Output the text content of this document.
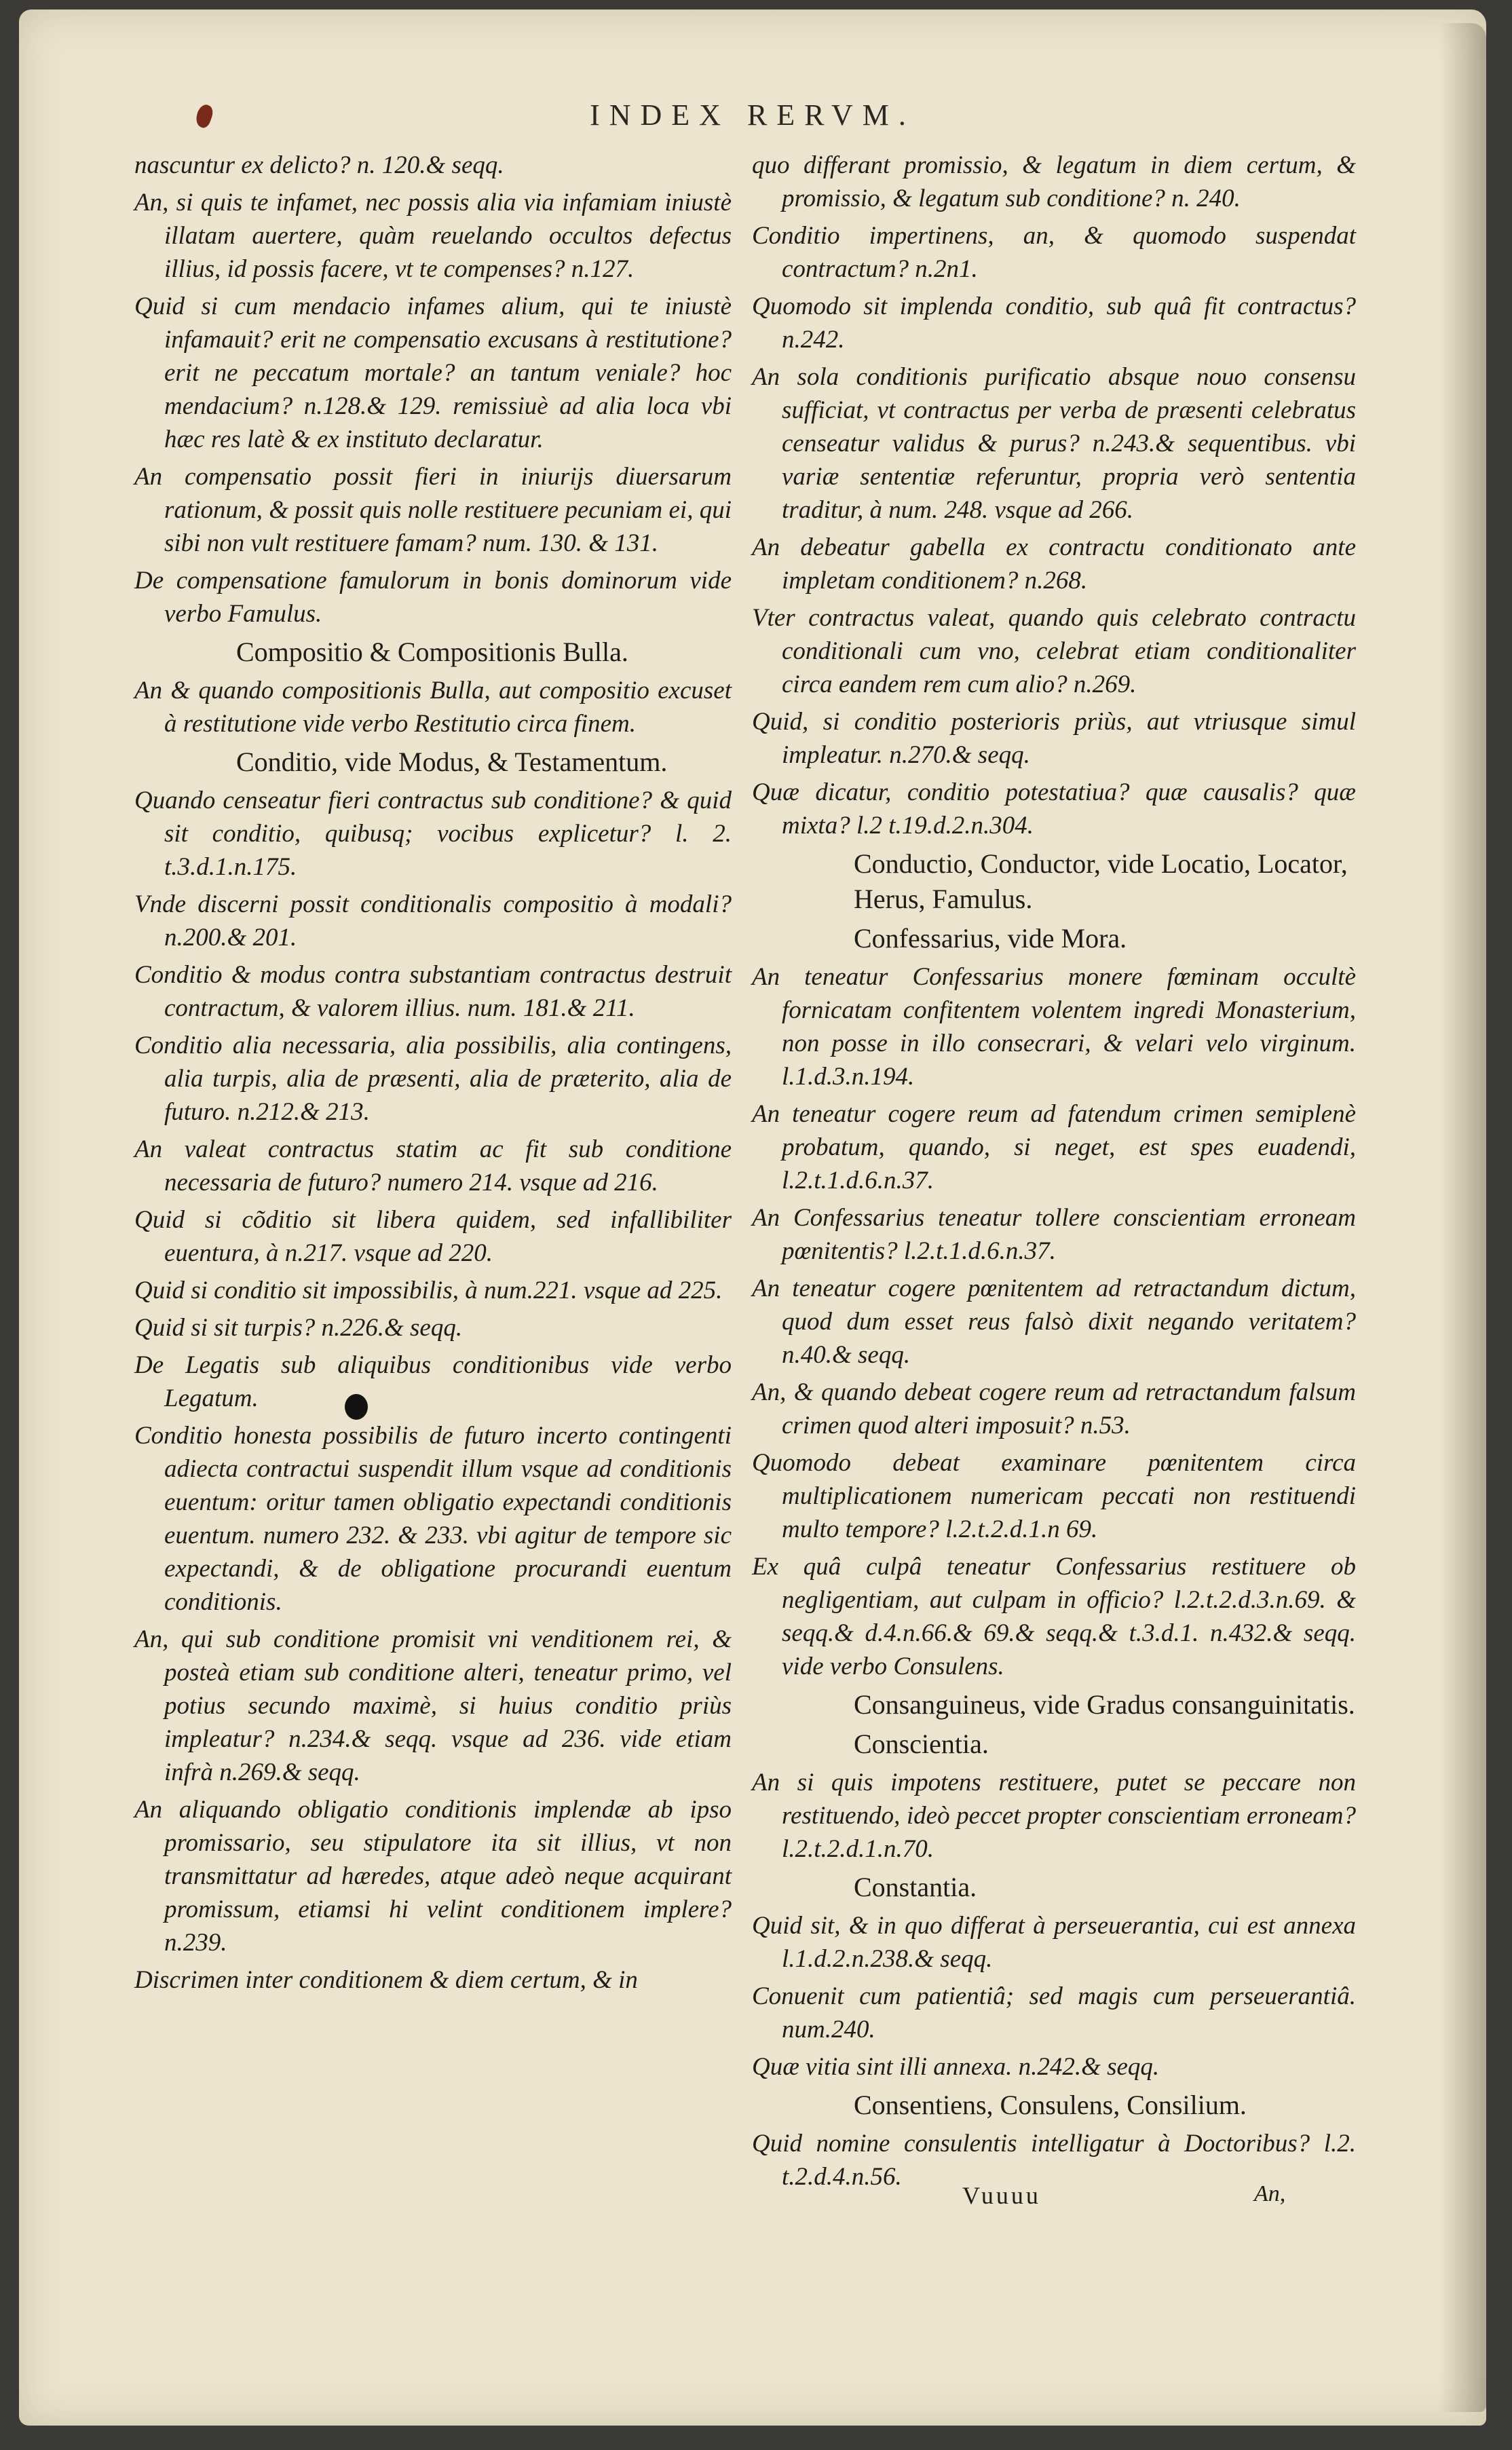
INDEX RERVM.
nascuntur ex delicto? n. 120.& seqq.
An, si quis te infamet, nec possis alia via infamiam iniustè illatam auertere, quàm reuelando occultos defectus illius, id possis facere, vt te compenses? n.127.
Quid si cum mendacio infames alium, qui te iniustè infamauit? erit ne compensatio excusans à restitutione? erit ne peccatum mortale? an tantum veniale? hoc mendacium? n.128.& 129. remissiuè ad alia loca vbi hæc res latè & ex instituto declaratur.
An compensatio possit fieri in iniurijs diuersarum rationum, & possit quis nolle restituere pecuniam ei, qui sibi non vult restituere famam? num. 130. & 131.
De compensatione famulorum in bonis dominorum vide verbo Famulus.
Compositio & Compositionis Bulla.
An & quando compositionis Bulla, aut compositio excuset à restitutione vide verbo Restitutio circa finem.
Conditio, vide Modus, & Testamentum.
Quando censeatur fieri contractus sub conditione? & quid sit conditio, quibusq; vocibus explicetur? l. 2. t.3.d.1.n.175.
Vnde discerni possit conditionalis compositio à modali? n.200.& 201.
Conditio & modus contra substantiam contractus destruit contractum, & valorem illius. num. 181.& 211.
Conditio alia necessaria, alia possibilis, alia contingens, alia turpis, alia de præsenti, alia de præterito, alia de futuro. n.212.& 213.
An valeat contractus statim ac fit sub conditione necessaria de futuro? numero 214. vsque ad 216.
Quid si cõditio sit libera quidem, sed infallibiliter euentura, à n.217. vsque ad 220.
Quid si conditio sit impossibilis, à num.221. vsque ad 225.
Quid si sit turpis? n.226.& seqq.
De Legatis sub aliquibus conditionibus vide verbo Legatum.
Conditio honesta possibilis de futuro incerto contingenti adiecta contractui suspendit illum vsque ad conditionis euentum: oritur tamen obligatio expectandi conditionis euentum. numero 232. & 233. vbi agitur de tempore sic expectandi, & de obligatione procurandi euentum conditionis.
An, qui sub conditione promisit vni venditionem rei, & posteà etiam sub conditione alteri, teneatur primo, vel potius secundo maximè, si huius conditio priùs impleatur? n.234.& seqq. vsque ad 236. vide etiam infrà n.269.& seqq.
An aliquando obligatio conditionis implendæ ab ipso promissario, seu stipulatore ita sit illius, vt non transmittatur ad hæredes, atque adeò neque acquirant promissum, etiamsi hi velint conditionem implere? n.239.
Discrimen inter conditionem & diem certum, & in
quo differant promissio, & legatum in diem certum, & promissio, & legatum sub conditione? n. 240.
Conditio impertinens, an, & quomodo suspendat contractum? n.2n1.
Quomodo sit implenda conditio, sub quâ fit contractus? n.242.
An sola conditionis purificatio absque nouo consensu sufficiat, vt contractus per verba de præsenti celebratus censeatur validus & purus? n.243.& sequentibus. vbi variæ sententiæ referuntur, propria verò sententia traditur, à num. 248. vsque ad 266.
An debeatur gabella ex contractu conditionato ante impletam conditionem? n.268.
Vter contractus valeat, quando quis celebrato contractu conditionali cum vno, celebrat etiam conditionaliter circa eandem rem cum alio? n.269.
Quid, si conditio posterioris priùs, aut vtriusque simul impleatur. n.270.& seqq.
Quæ dicatur, conditio potestatiua? quæ causalis? quæ mixta? l.2 t.19.d.2.n.304.
Conductio, Conductor, vide Locatio, Locator, Herus, Famulus.
Confessarius, vide Mora.
An teneatur Confessarius monere fœminam occultè fornicatam confitentem volentem ingredi Monasterium, non posse in illo consecrari, & velari velo virginum. l.1.d.3.n.194.
An teneatur cogere reum ad fatendum crimen semiplenè probatum, quando, si neget, est spes euadendi, l.2.t.1.d.6.n.37.
An Confessarius teneatur tollere conscientiam erroneam pœnitentis? l.2.t.1.d.6.n.37.
An teneatur cogere pœnitentem ad retractandum dictum, quod dum esset reus falsò dixit negando veritatem? n.40.& seqq.
An, & quando debeat cogere reum ad retractandum falsum crimen quod alteri imposuit? n.53.
Quomodo debeat examinare pœnitentem circa multiplicationem numericam peccati non restituendi multo tempore? l.2.t.2.d.1.n 69.
Ex quâ culpâ teneatur Confessarius restituere ob negligentiam, aut culpam in officio? l.2.t.2.d.3.n.69. & seqq.& d.4.n.66.& 69.& seqq.& t.3.d.1. n.432.& seqq. vide verbo Consulens.
Consanguineus, vide Gradus consanguinitatis.
Conscientia.
An si quis impotens restituere, putet se peccare non restituendo, ideò peccet propter conscientiam erroneam? l.2.t.2.d.1.n.70.
Constantia.
Quid sit, & in quo differat à perseuerantia, cui est annexa l.1.d.2.n.238.& seqq.
Conuenit cum patientiâ; sed magis cum perseuerantiâ. num.240.
Quæ vitia sint illi annexa. n.242.& seqq.
Consentiens, Consulens, Consilium.
Quid nomine consulentis intelligatur à Doctoribus? l.2. t.2.d.4.n.56.
Vuuuu	An,
